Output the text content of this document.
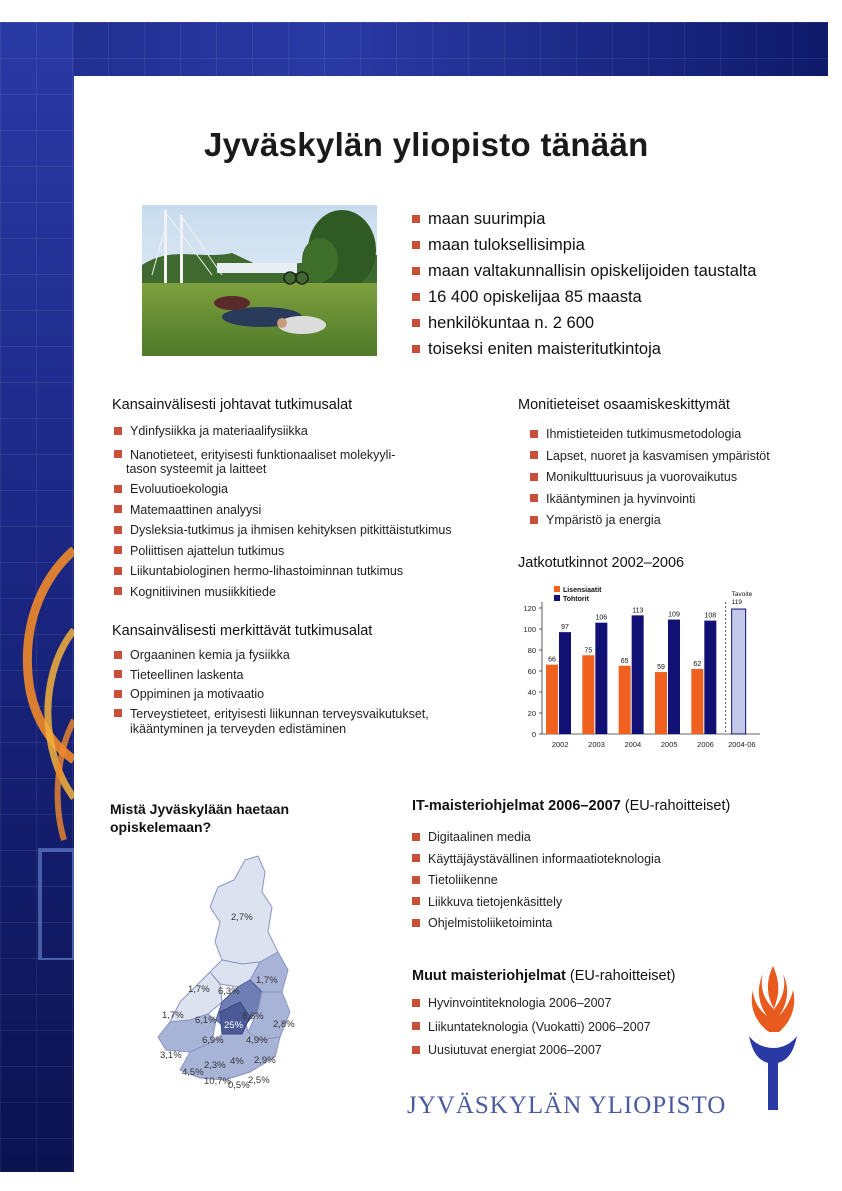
Jyväskylän yliopisto tänään
maan suurimpia
maan tuloksellisimpia
maan valtakunnallisin opiskelijoiden taustalta
16 400 opiskelijaa 85 maasta
henkilökuntaa n. 2 600
toiseksi eniten maisteritutkintoja
Kansainvälisesti johtavat tutkimusalat
Ydinfysiikka ja materiaalifysiikka
Nanotieteet, erityisesti funktionaaliset molekyyli-
tason systeemit ja laitteet
Evoluutioekologia
Matemaattinen analyysi
Dysleksia-tutkimus ja ihmisen kehityksen pitkittäistutkimus
Poliittisen ajattelun tutkimus
Liikuntabiologinen hermo-lihastoiminnan tutkimus
Kognitiivinen musiikkitiede
Monitieteiset osaamiskeskittymät
Ihmistieteiden tutkimusmetodologia
Lapset, nuoret ja kasvamisen ympäristöt
Monikulttuurisuus ja vuorovaikutus
Ikääntyminen ja hyvinvointi
Ympäristö ja energia
Jatkotutkinnot 2002–2006
0
20
40
60
80
100
120
2002
66
97
2003
75
106
2004
65
113
2005
59
109
2006
62
108
2004-06
Tavoite
119
Lisensiaatit
Tohtorit
Kansainvälisesti merkittävät tutkimusalat
Orgaaninen kemia ja fysiikka
Tieteellinen laskenta
Oppiminen ja motivaatio
Terveystieteet, erityisesti liikunnan terveysvaikutukset,
ikääntyminen ja terveyden edistäminen
Mistä Jyväskylään haetaan
opiskelemaan?
2,7%
1,7%
1,7%
6,3%
1,7%
6,1% 25%
8,6%
2,8%
6,9% 4,9%
3,1%
2,3% 4% 2,9%
4,5%
10,7%
0,5%
2,5%
IT-maisteriohjelmat 2006–2007 (EU-rahoitteiset)
Digitaalinen media
Käyttäjäystävällinen informaatioteknologia
Tietoliikenne
Liikkuva tietojenkäsittely
Ohjelmistoliiketoiminta
Muut maisteriohjelmat (EU-rahoitteiset)
Hyvinvointiteknologia 2006–2007
Liikuntateknologia (Vuokatti) 2006–2007
Uusiutuvat energiat 2006–2007
JYVÄSKYLÄN YLIOPISTO
